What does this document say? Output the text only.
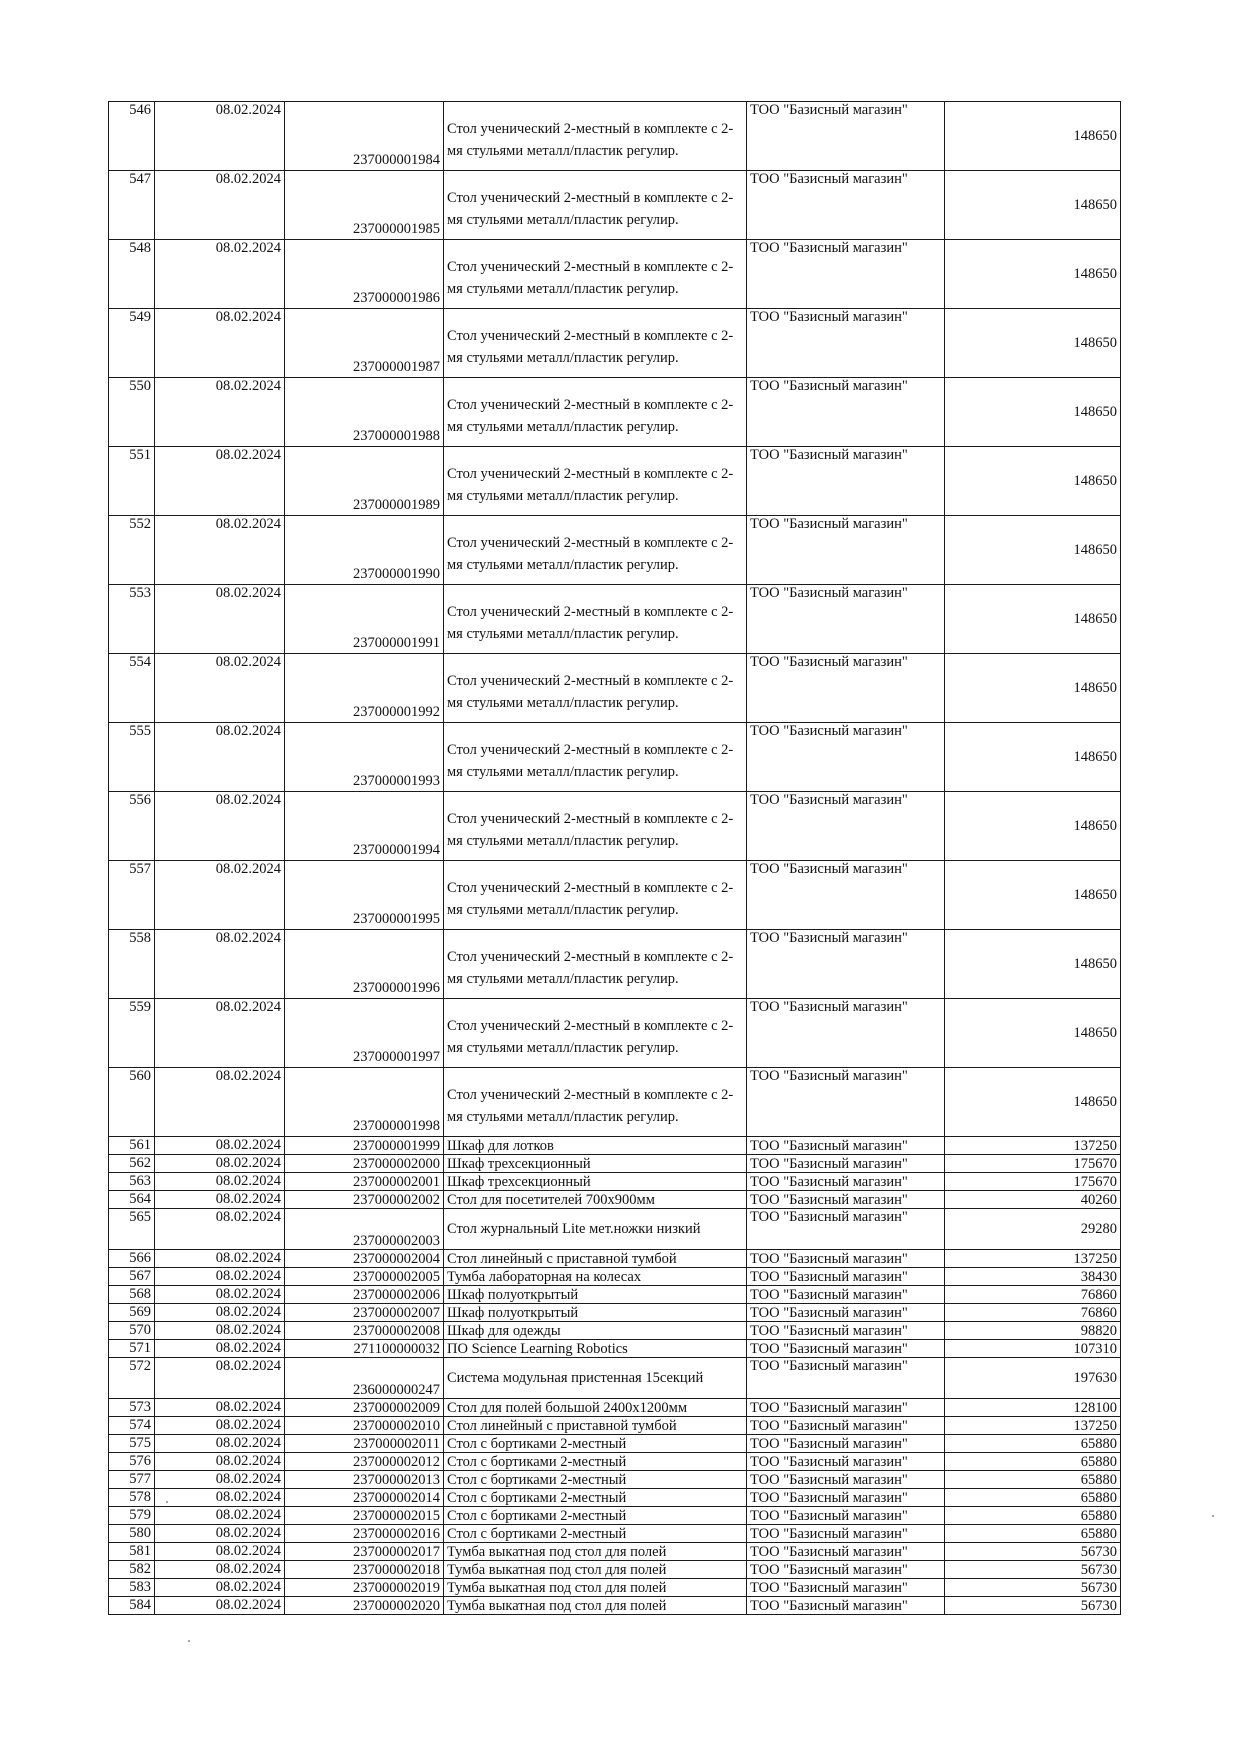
546	08.02.2024	237000001984	Стол ученический 2-местный в комплекте с 2-мя стульями металл/пластик регулир.	ТОО "Базисный магазин"	148650
547	08.02.2024	237000001985	Стол ученический 2-местный в комплекте с 2-мя стульями металл/пластик регулир.	ТОО "Базисный магазин"	148650
548	08.02.2024	237000001986	Стол ученический 2-местный в комплекте с 2-мя стульями металл/пластик регулир.	ТОО "Базисный магазин"	148650
549	08.02.2024	237000001987	Стол ученический 2-местный в комплекте с 2-мя стульями металл/пластик регулир.	ТОО "Базисный магазин"	148650
550	08.02.2024	237000001988	Стол ученический 2-местный в комплекте с 2-мя стульями металл/пластик регулир.	ТОО "Базисный магазин"	148650
551	08.02.2024	237000001989	Стол ученический 2-местный в комплекте с 2-мя стульями металл/пластик регулир.	ТОО "Базисный магазин"	148650
552	08.02.2024	237000001990	Стол ученический 2-местный в комплекте с 2-мя стульями металл/пластик регулир.	ТОО "Базисный магазин"	148650
553	08.02.2024	237000001991	Стол ученический 2-местный в комплекте с 2-мя стульями металл/пластик регулир.	ТОО "Базисный магазин"	148650
554	08.02.2024	237000001992	Стол ученический 2-местный в комплекте с 2-мя стульями металл/пластик регулир.	ТОО "Базисный магазин"	148650
555	08.02.2024	237000001993	Стол ученический 2-местный в комплекте с 2-мя стульями металл/пластик регулир.	ТОО "Базисный магазин"	148650
556	08.02.2024	237000001994	Стол ученический 2-местный в комплекте с 2-мя стульями металл/пластик регулир.	ТОО "Базисный магазин"	148650
557	08.02.2024	237000001995	Стол ученический 2-местный в комплекте с 2-мя стульями металл/пластик регулир.	ТОО "Базисный магазин"	148650
558	08.02.2024	237000001996	Стол ученический 2-местный в комплекте с 2-мя стульями металл/пластик регулир.	ТОО "Базисный магазин"	148650
559	08.02.2024	237000001997	Стол ученический 2-местный в комплекте с 2-мя стульями металл/пластик регулир.	ТОО "Базисный магазин"	148650
560	08.02.2024	237000001998	Стол ученический 2-местный в комплекте с 2-мя стульями металл/пластик регулир.	ТОО "Базисный магазин"	148650
561	08.02.2024	237000001999	Шкаф для лотков	ТОО "Базисный магазин"	137250
562	08.02.2024	237000002000	Шкаф трехсекционный	ТОО "Базисный магазин"	175670
563	08.02.2024	237000002001	Шкаф трехсекционный	ТОО "Базисный магазин"	175670
564	08.02.2024	237000002002	Стол для посетителей 700х900мм	ТОО "Базисный магазин"	40260
565	08.02.2024	237000002003	Стол журнальный Lite мет.ножки низкий	ТОО "Базисный магазин"	29280
566	08.02.2024	237000002004	Стол линейный с приставной тумбой	ТОО "Базисный магазин"	137250
567	08.02.2024	237000002005	Тумба лабораторная на колесах	ТОО "Базисный магазин"	38430
568	08.02.2024	237000002006	Шкаф полуоткрытый	ТОО "Базисный магазин"	76860
569	08.02.2024	237000002007	Шкаф полуоткрытый	ТОО "Базисный магазин"	76860
570	08.02.2024	237000002008	Шкаф для одежды	ТОО "Базисный магазин"	98820
571	08.02.2024	271100000032	ПО Science Learning Robotics	ТОО "Базисный магазин"	107310
572	08.02.2024	236000000247	Система модульная пристенная 15секций	ТОО "Базисный магазин"	197630
573	08.02.2024	237000002009	Стол для полей большой 2400х1200мм	ТОО "Базисный магазин"	128100
574	08.02.2024	237000002010	Стол линейный с приставной тумбой	ТОО "Базисный магазин"	137250
575	08.02.2024	237000002011	Стол с бортиками 2-местный	ТОО "Базисный магазин"	65880
576	08.02.2024	237000002012	Стол с бортиками 2-местный	ТОО "Базисный магазин"	65880
577	08.02.2024	237000002013	Стол с бортиками 2-местный	ТОО "Базисный магазин"	65880
578	08.02.2024	237000002014	Стол с бортиками 2-местный	ТОО "Базисный магазин"	65880
579	08.02.2024	237000002015	Стол с бортиками 2-местный	ТОО "Базисный магазин"	65880
580	08.02.2024	237000002016	Стол с бортиками 2-местный	ТОО "Базисный магазин"	65880
581	08.02.2024	237000002017	Тумба выкатная под стол для полей	ТОО "Базисный магазин"	56730
582	08.02.2024	237000002018	Тумба выкатная под стол для полей	ТОО "Базисный магазин"	56730
583	08.02.2024	237000002019	Тумба выкатная под стол для полей	ТОО "Базисный магазин"	56730
584	08.02.2024	237000002020	Тумба выкатная под стол для полей	ТОО "Базисный магазин"	56730
